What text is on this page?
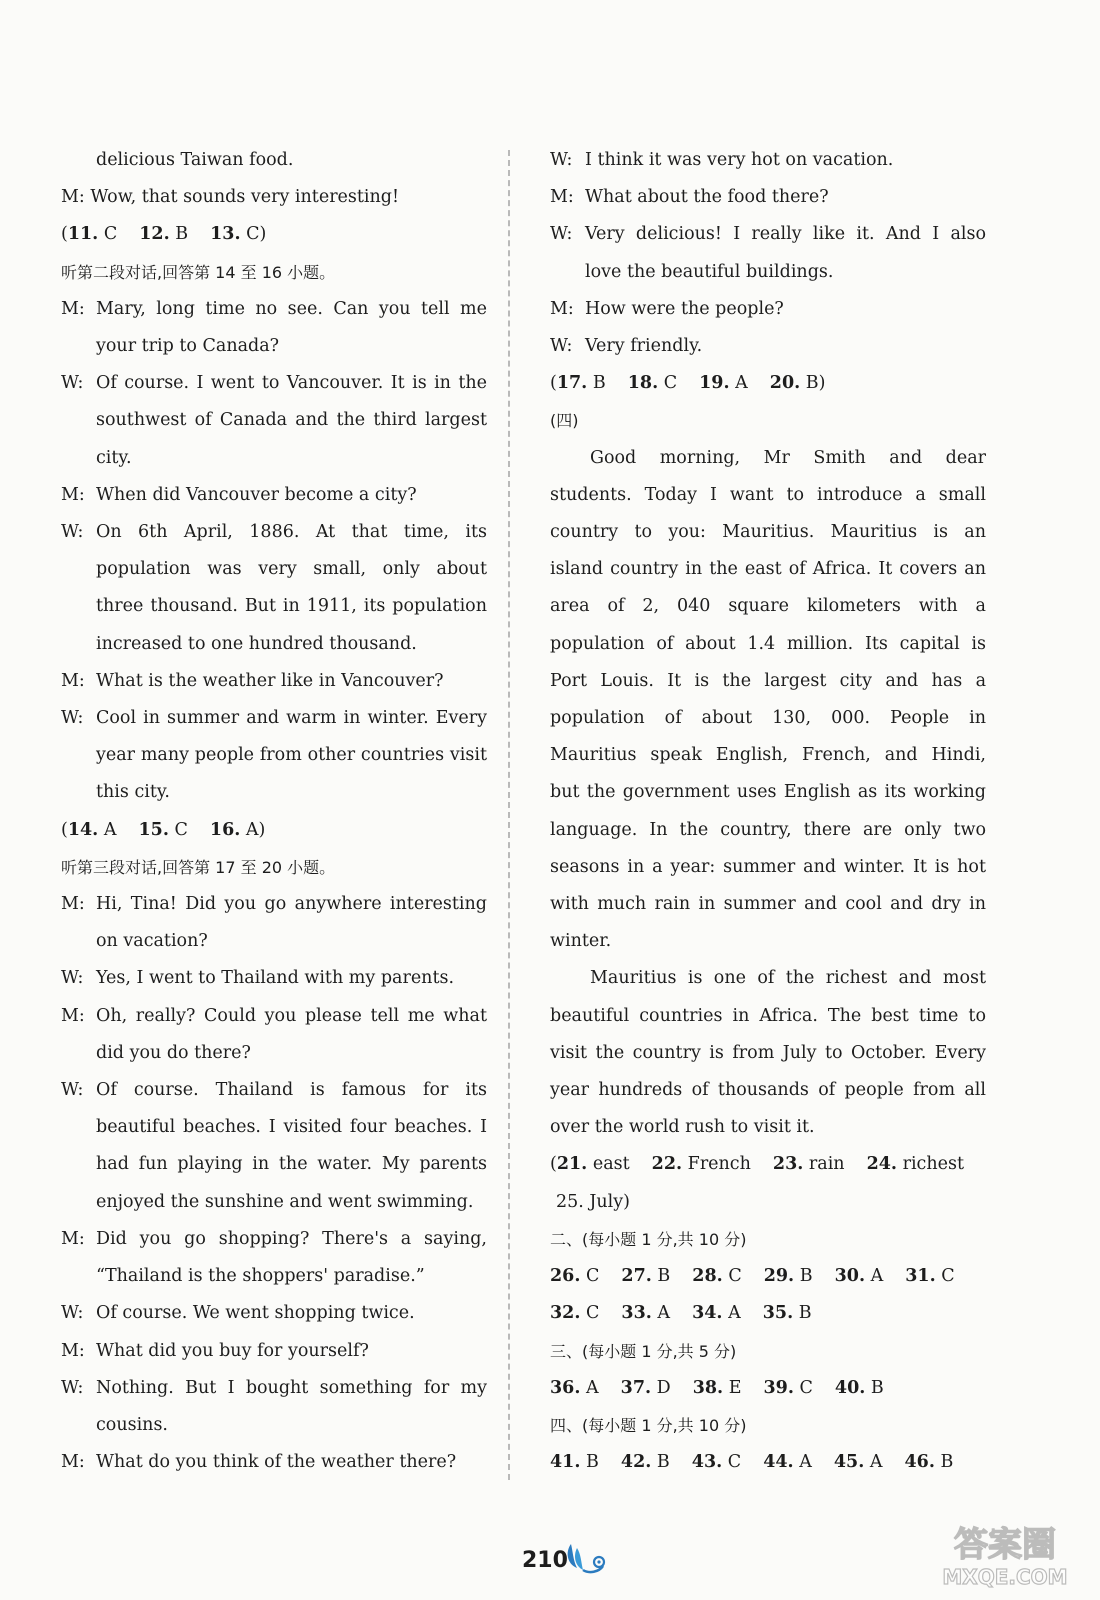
delicious Taiwan food.
M: Wow, that sounds very interesting!
(11. C 12. B 13. C)
听第二段对话,回答第 14 至 16 小题。
M: Mary, long time no see. Can you tell me
your trip to Canada?
W: Of course. I went to Vancouver. It is in the
southwest of Canada and the third largest
city.
M: When did Vancouver become a city?
W: On 6th April, 1886. At that time, its
population was very small, only about
three thousand. But in 1911, its population
increased to one hundred thousand.
M: What is the weather like in Vancouver?
W: Cool in summer and warm in winter. Every
year many people from other countries visit
this city.
(14. A 15. C 16. A)
听第三段对话,回答第 17 至 20 小题。
M: Hi, Tina! Did you go anywhere interesting
on vacation?
W: Yes, I went to Thailand with my parents.
M: Oh, really? Could you please tell me what
did you do there?
W: Of course. Thailand is famous for its
beautiful beaches. I visited four beaches. I
had fun playing in the water. My parents
enjoyed the sunshine and went swimming.
M: Did you go shopping? There's a saying,
“Thailand is the shoppers' paradise.”
W: Of course. We went shopping twice.
M: What did you buy for yourself?
W: Nothing. But I bought something for my
cousins.
M: What do you think of the weather there?
W: I think it was very hot on vacation.
M: What about the food there?
W: Very delicious! I really like it. And I also
love the beautiful buildings.
M: How were the people?
W: Very friendly.
(17. B 18. C 19. A 20. B)
(四)
Good morning, Mr Smith and dear
students. Today I want to introduce a small
country to you: Mauritius. Mauritius is an
island country in the east of Africa. It covers an
area of 2, 040 square kilometers with a
population of about 1.4 million. Its capital is
Port Louis. It is the largest city and has a
population of about 130, 000. People in
Mauritius speak English, French, and Hindi,
but the government uses English as its working
language. In the country, there are only two
seasons in a year: summer and winter. It is hot
with much rain in summer and cool and dry in
winter.
Mauritius is one of the richest and most
beautiful countries in Africa. The best time to
visit the country is from July to October. Every
year hundreds of thousands of people from all
over the world rush to visit it.
(21. east 22. French 23. rain 24. richest
25. July)
二、(每小题 1 分,共 10 分)
26. C 27. B 28. C 29. B 30. A 31. C
32. C 33. A 34. A 35. B
三、(每小题 1 分,共 5 分)
36. A 37. D 38. E 39. C 40. B
四、(每小题 1 分,共 10 分)
41. B 42. B 43. C 44. A 45. A 46. B
210	答案圈
MXQE.COM
